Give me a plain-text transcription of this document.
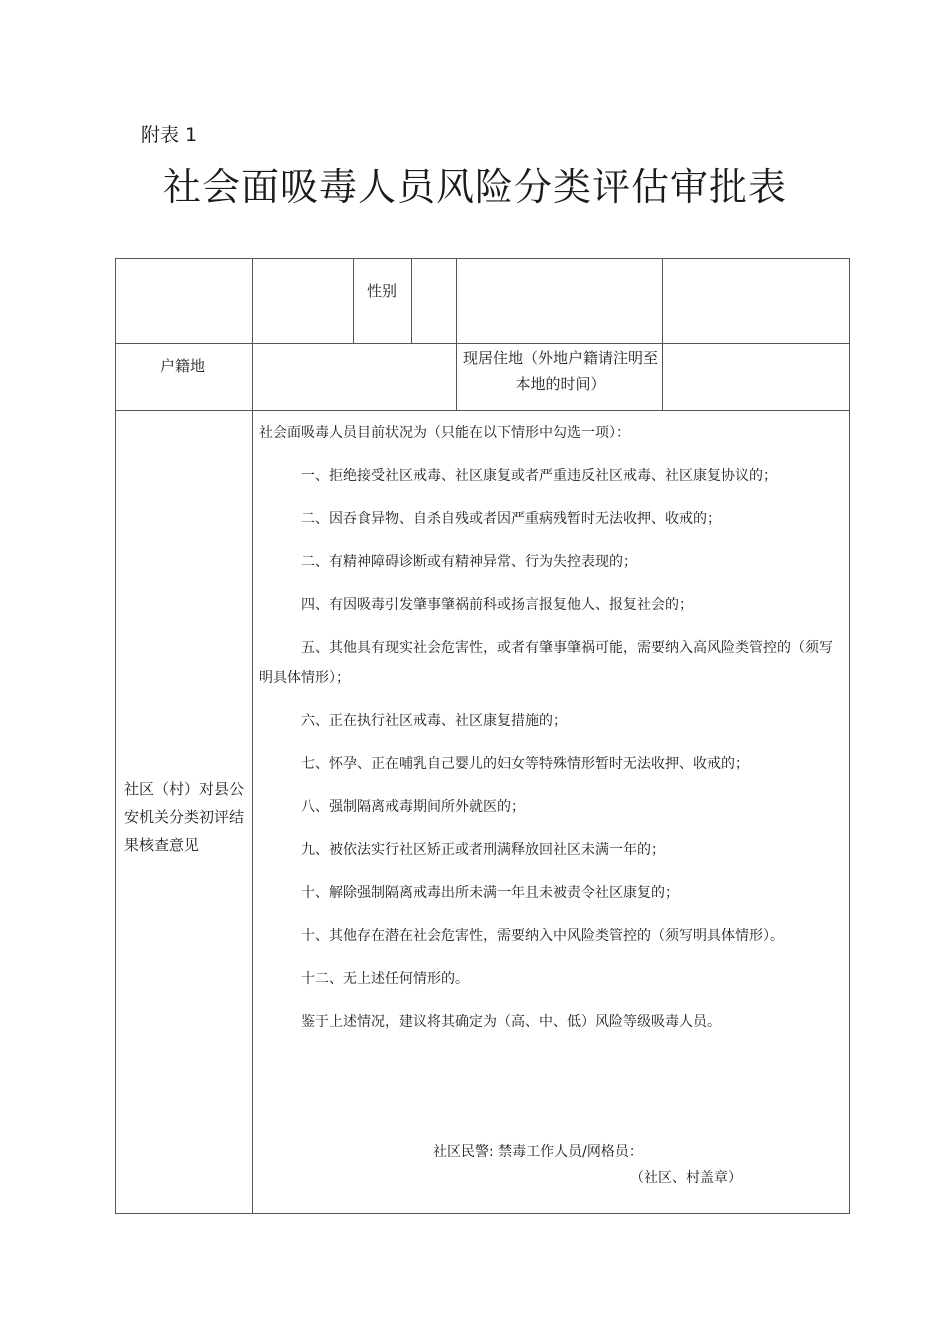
附表 1
社会面吸毒人员风险分类评估审批表
性别
户籍地	现居住地（外地户籍请注明至本地的时间）
社区（村）对县公安机关分类初评结果核查意见

社会面吸毒人员目前状况为（只能在以下情形中勾选一项）：

一、拒绝接受社区戒毒、社区康复或者严重违反社区戒毒、社区康复协议的；

二、因吞食异物、自杀自残或者因严重病残暂时无法收押、收戒的；

二、有精神障碍诊断或有精神异常、行为失控表现的；

四、有因吸毒引发肇事肇祸前科或扬言报复他人、报复社会的；

五、其他具有现实社会危害性，或者有肇事肇祸可能，需要纳入高风险类管控的（须写明具体情形）；

六、正在执行社区戒毒、社区康复措施的；

七、怀孕、正在哺乳自己婴儿的妇女等特殊情形暂时无法收押、收戒的；

八、强制隔离戒毒期间所外就医的；

九、被依法实行社区矫正或者刑满释放回社区未满一年的；

十、解除强制隔离戒毒出所未满一年且未被责令社区康复的；

十、其他存在潜在社会危害性，需要纳入中风险类管控的（须写明具体情形）。

十二、无上述任何情形的。

鉴于上述情况，建议将其确定为（高、中、低）风险等级吸毒人员。

社区民警: 禁毒工作人员/网格员：
（社区、村盖章）
